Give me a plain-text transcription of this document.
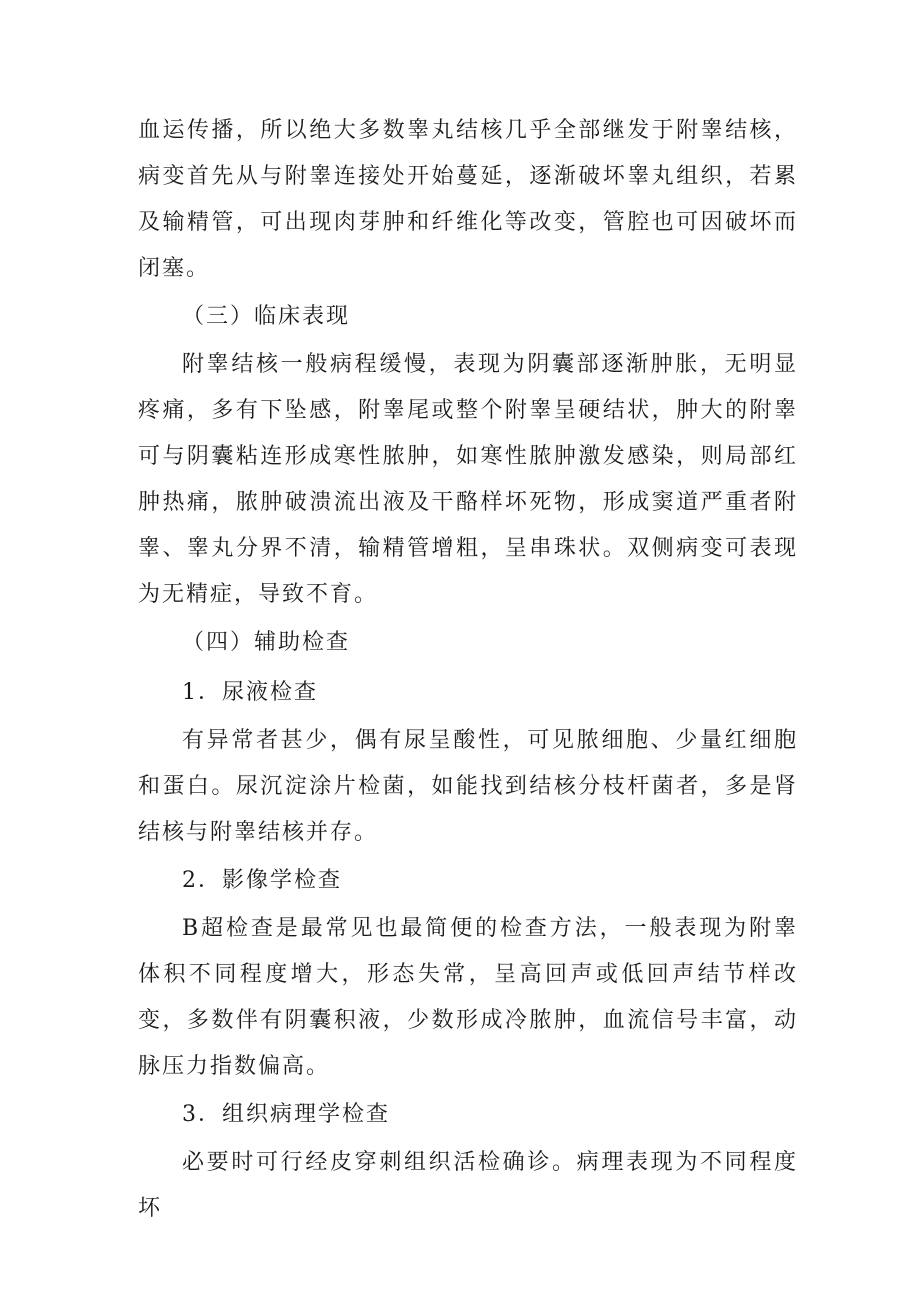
血运传播，所以绝大多数睾丸结核几乎全部继发于附睾结核，病变首先从与附睾连接处开始蔓延，逐渐破坏睾丸组织，若累及输精管，可出现肉芽肿和纤维化等改变，管腔也可因破坏而闭塞。

（三）临床表现

附睾结核一般病程缓慢，表现为阴囊部逐渐肿胀，无明显疼痛，多有下坠感，附睾尾或整个附睾呈硬结状，肿大的附睾可与阴囊粘连形成寒性脓肿，如寒性脓肿激发感染，则局部红肿热痛，脓肿破溃流出液及干酪样坏死物，形成窦道严重者附睾、睾丸分界不清，输精管增粗，呈串珠状。双侧病变可表现为无精症，导致不育。

（四）辅助检查

1．尿液检查

有异常者甚少，偶有尿呈酸性，可见脓细胞、少量红细胞和蛋白。尿沉淀涂片检菌，如能找到结核分枝杆菌者，多是肾结核与附睾结核并存。

2．影像学检查

B超检查是最常见也最简便的检查方法，一般表现为附睾体积不同程度增大，形态失常，呈高回声或低回声结节样改变，多数伴有阴囊积液，少数形成冷脓肿，血流信号丰富，动脉压力指数偏高。

3．组织病理学检查

必要时可行经皮穿刺组织活检确诊。病理表现为不同程度坏
